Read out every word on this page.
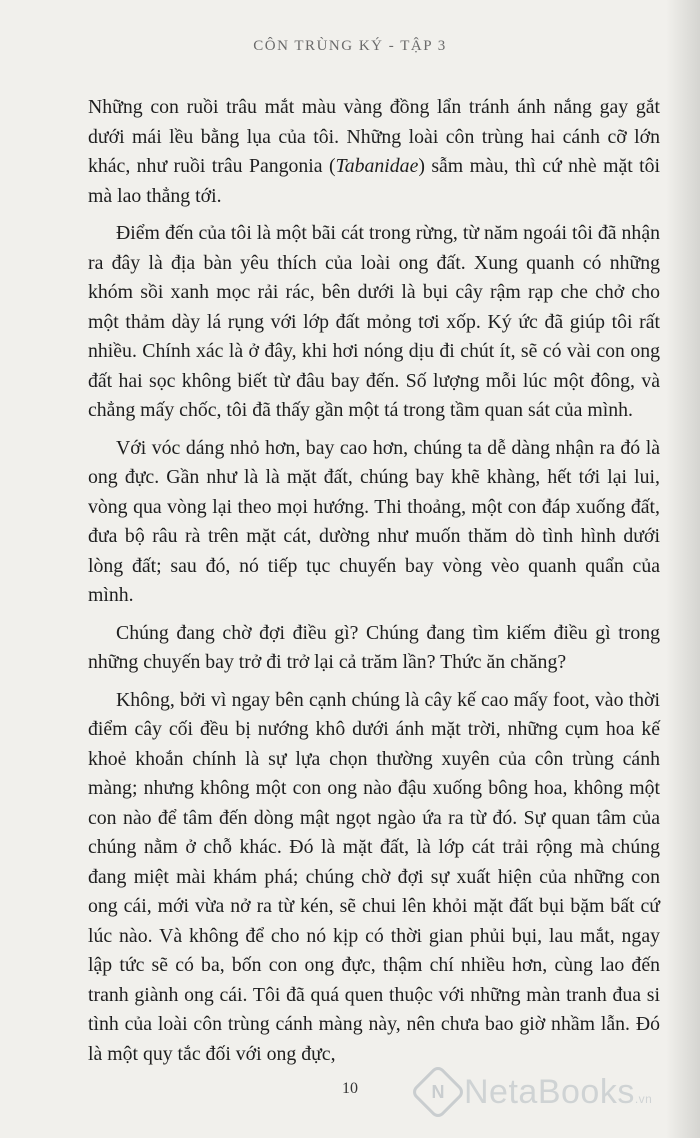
CÔN TRÙNG KÝ - TẬP 3

Những con ruồi trâu mắt màu vàng đồng lẩn tránh ánh nắng gay gắt dưới mái lều bằng lụa của tôi. Những loài côn trùng hai cánh cỡ lớn khác, như ruồi trâu Pangonia (Tabanidae) sẫm màu, thì cứ nhè mặt tôi mà lao thẳng tới.

Điểm đến của tôi là một bãi cát trong rừng, từ năm ngoái tôi đã nhận ra đây là địa bàn yêu thích của loài ong đất. Xung quanh có những khóm sồi xanh mọc rải rác, bên dưới là bụi cây rậm rạp che chở cho một thảm dày lá rụng với lớp đất mỏng tơi xốp. Ký ức đã giúp tôi rất nhiều. Chính xác là ở đây, khi hơi nóng dịu đi chút ít, sẽ có vài con ong đất hai sọc không biết từ đâu bay đến. Số lượng mỗi lúc một đông, và chẳng mấy chốc, tôi đã thấy gần một tá trong tầm quan sát của mình.

Với vóc dáng nhỏ hơn, bay cao hơn, chúng ta dễ dàng nhận ra đó là ong đực. Gần như là là mặt đất, chúng bay khẽ khàng, hết tới lại lui, vòng qua vòng lại theo mọi hướng. Thi thoảng, một con đáp xuống đất, đưa bộ râu rà trên mặt cát, dường như muốn thăm dò tình hình dưới lòng đất; sau đó, nó tiếp tục chuyến bay vòng vèo quanh quẩn của mình.

Chúng đang chờ đợi điều gì? Chúng đang tìm kiếm điều gì trong những chuyến bay trở đi trở lại cả trăm lần? Thức ăn chăng?

Không, bởi vì ngay bên cạnh chúng là cây kế cao mấy foot, vào thời điểm cây cối đều bị nướng khô dưới ánh mặt trời, những cụm hoa kế khoẻ khoắn chính là sự lựa chọn thường xuyên của côn trùng cánh màng; nhưng không một con ong nào đậu xuống bông hoa, không một con nào để tâm đến dòng mật ngọt ngào ứa ra từ đó. Sự quan tâm của chúng nằm ở chỗ khác. Đó là mặt đất, là lớp cát trải rộng mà chúng đang miệt mài khám phá; chúng chờ đợi sự xuất hiện của những con ong cái, mới vừa nở ra từ kén, sẽ chui lên khỏi mặt đất bụi bặm bất cứ lúc nào. Và không để cho nó kịp có thời gian phủi bụi, lau mắt, ngay lập tức sẽ có ba, bốn con ong đực, thậm chí nhiều hơn, cùng lao đến tranh giành ong cái. Tôi đã quá quen thuộc với những màn tranh đua si tình của loài côn trùng cánh màng này, nên chưa bao giờ nhầm lẫn. Đó là một quy tắc đối với ong đực,

10	N NetaBooks.vn
